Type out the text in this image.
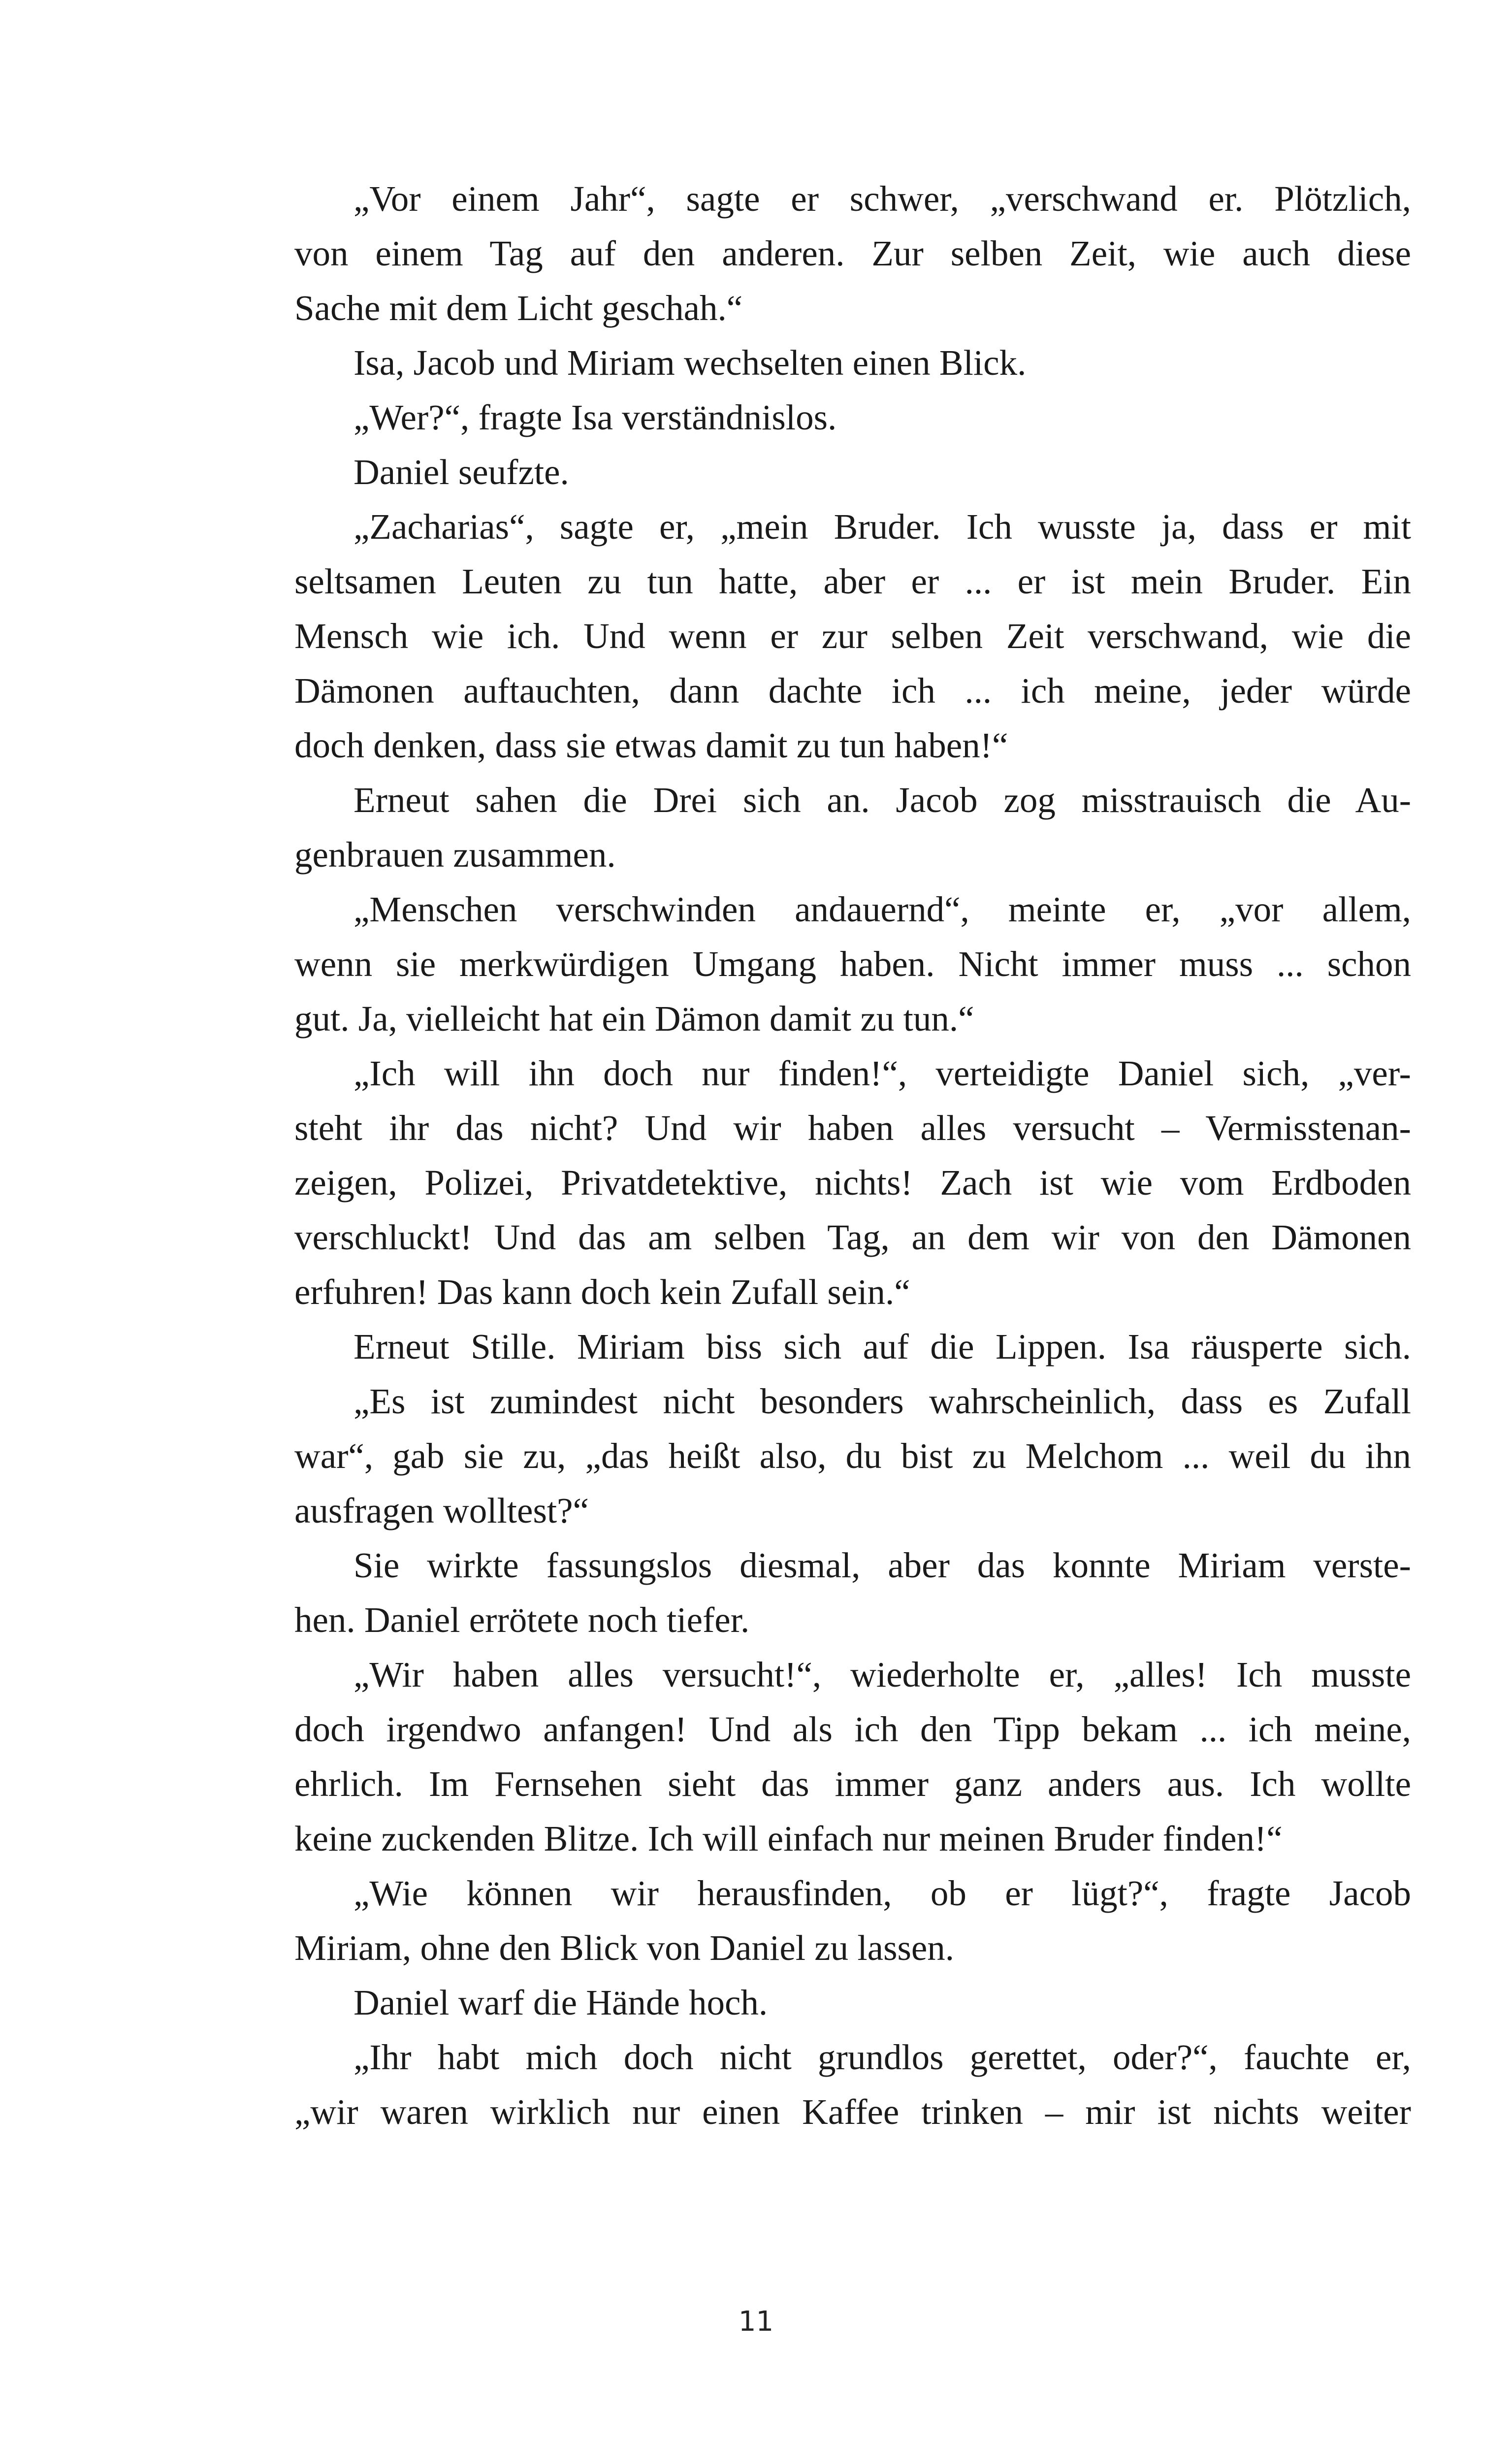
„Vor einem Jahr“, sagte er schwer, „verschwand er. Plötzlich,
von einem Tag auf den anderen. Zur selben Zeit, wie auch diese
Sache mit dem Licht geschah.“
Isa, Jacob und Miriam wechselten einen Blick.
„Wer?“, fragte Isa verständnislos.
Daniel seufzte.
„Zacharias“, sagte er, „mein Bruder. Ich wusste ja, dass er mit
seltsamen Leuten zu tun hatte, aber er ... er ist mein Bruder. Ein
Mensch wie ich. Und wenn er zur selben Zeit verschwand, wie die
Dämonen auftauchten, dann dachte ich ... ich meine, jeder würde
doch denken, dass sie etwas damit zu tun haben!“
Erneut sahen die Drei sich an. Jacob zog misstrauisch die Au-
genbrauen zusammen.
„Menschen verschwinden andauernd“, meinte er, „vor allem,
wenn sie merkwürdigen Umgang haben. Nicht immer muss ... schon
gut. Ja, vielleicht hat ein Dämon damit zu tun.“
„Ich will ihn doch nur finden!“, verteidigte Daniel sich, „ver-
steht ihr das nicht? Und wir haben alles versucht – Vermisstenan-
zeigen, Polizei, Privatdetektive, nichts! Zach ist wie vom Erdboden
verschluckt! Und das am selben Tag, an dem wir von den Dämonen
erfuhren! Das kann doch kein Zufall sein.“
Erneut Stille. Miriam biss sich auf die Lippen. Isa räusperte sich.
„Es ist zumindest nicht besonders wahrscheinlich, dass es Zufall
war“, gab sie zu, „das heißt also, du bist zu Melchom ... weil du ihn
ausfragen wolltest?“
Sie wirkte fassungslos diesmal, aber das konnte Miriam verste-
hen. Daniel errötete noch tiefer.
„Wir haben alles versucht!“, wiederholte er, „alles! Ich musste
doch irgendwo anfangen! Und als ich den Tipp bekam ... ich meine,
ehrlich. Im Fernsehen sieht das immer ganz anders aus. Ich wollte
keine zuckenden Blitze. Ich will einfach nur meinen Bruder finden!“
„Wie können wir herausfinden, ob er lügt?“, fragte Jacob
Miriam, ohne den Blick von Daniel zu lassen.
Daniel warf die Hände hoch.
„Ihr habt mich doch nicht grundlos gerettet, oder?“, fauchte er,
„wir waren wirklich nur einen Kaffee trinken – mir ist nichts weiter
11
